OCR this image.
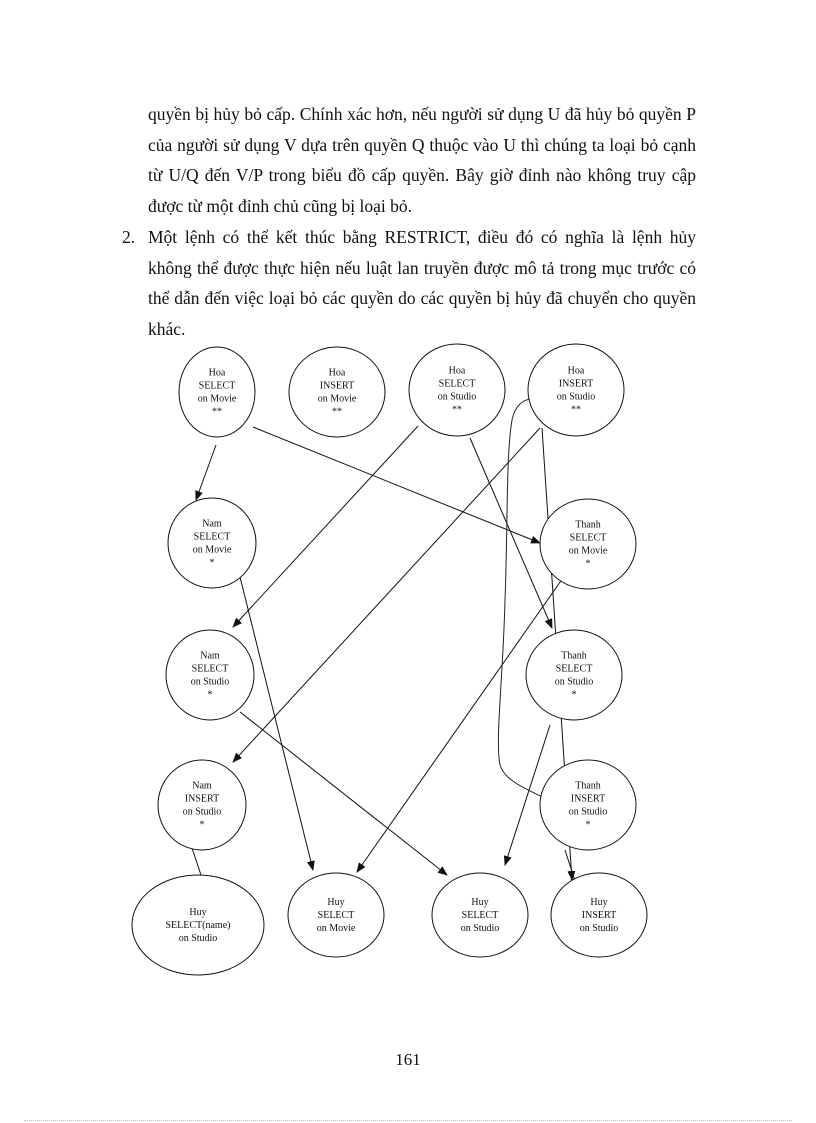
quyền bị hủy bỏ cấp. Chính xác hơn, nếu người sử dụng U đã hủy bỏ quyền P của người sử dụng V dựa trên quyền Q thuộc vào U thì chúng ta loại bỏ cạnh từ U/Q đến V/P trong biểu đồ cấp quyền. Bây giờ đỉnh nào không truy cập được từ một đỉnh chủ cũng bị loại bỏ.
2. Một lệnh có thể kết thúc bằng RESTRICT, điều đó có nghĩa là lệnh hủy không thể được thực hiện nếu luật lan truyền được mô tả trong mục trước có thể dẫn đến việc loại bỏ các quyền do các quyền bị hủy đã chuyển cho quyền khác.
Hoa
SELECT
on Movie
**
Hoa
INSERT
on Movie
**
Hoa
SELECT
on Studio
**
Hoa
INSERT
on Studio
**
Nam
SELECT
on Movie
*
Thanh
SELECT
on Movie
*
Nam
SELECT
on Studio
*
Thanh
SELECT
on Studio
*
Nam
INSERT
on Studio
*
Thanh
INSERT
on Studio
*
Huy
SELECT(name)
on Studio
Huy
SELECT
on Movie
Huy
SELECT
on Studio
Huy
INSERT
on Studio
161
